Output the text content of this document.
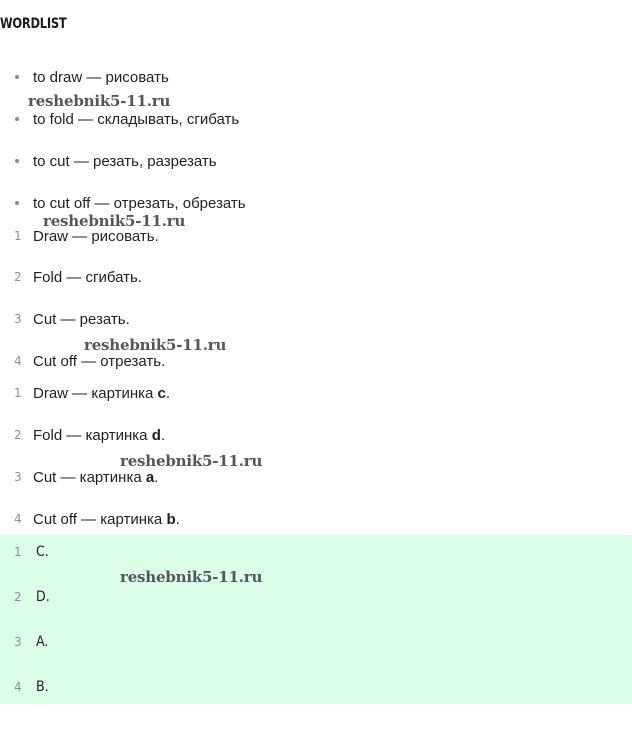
WORDLIST
to draw — рисовать
to fold — складывать, сгибать
to cut — резать, разрезать
to cut off — отрезать, обрезать
1 Draw — рисовать.
2 Fold — сгибать.
3 Cut — резать.
4 Cut off — отрезать.
1 Draw — картинка c.
2 Fold — картинка d.
3 Cut — картинка a.
4 Cut off — картинка b.
1 C.
2 D.
3 A.
4 B.
reshebnik5-11.ru
reshebnik5-11.ru
reshebnik5-11.ru
reshebnik5-11.ru
reshebnik5-11.ru
